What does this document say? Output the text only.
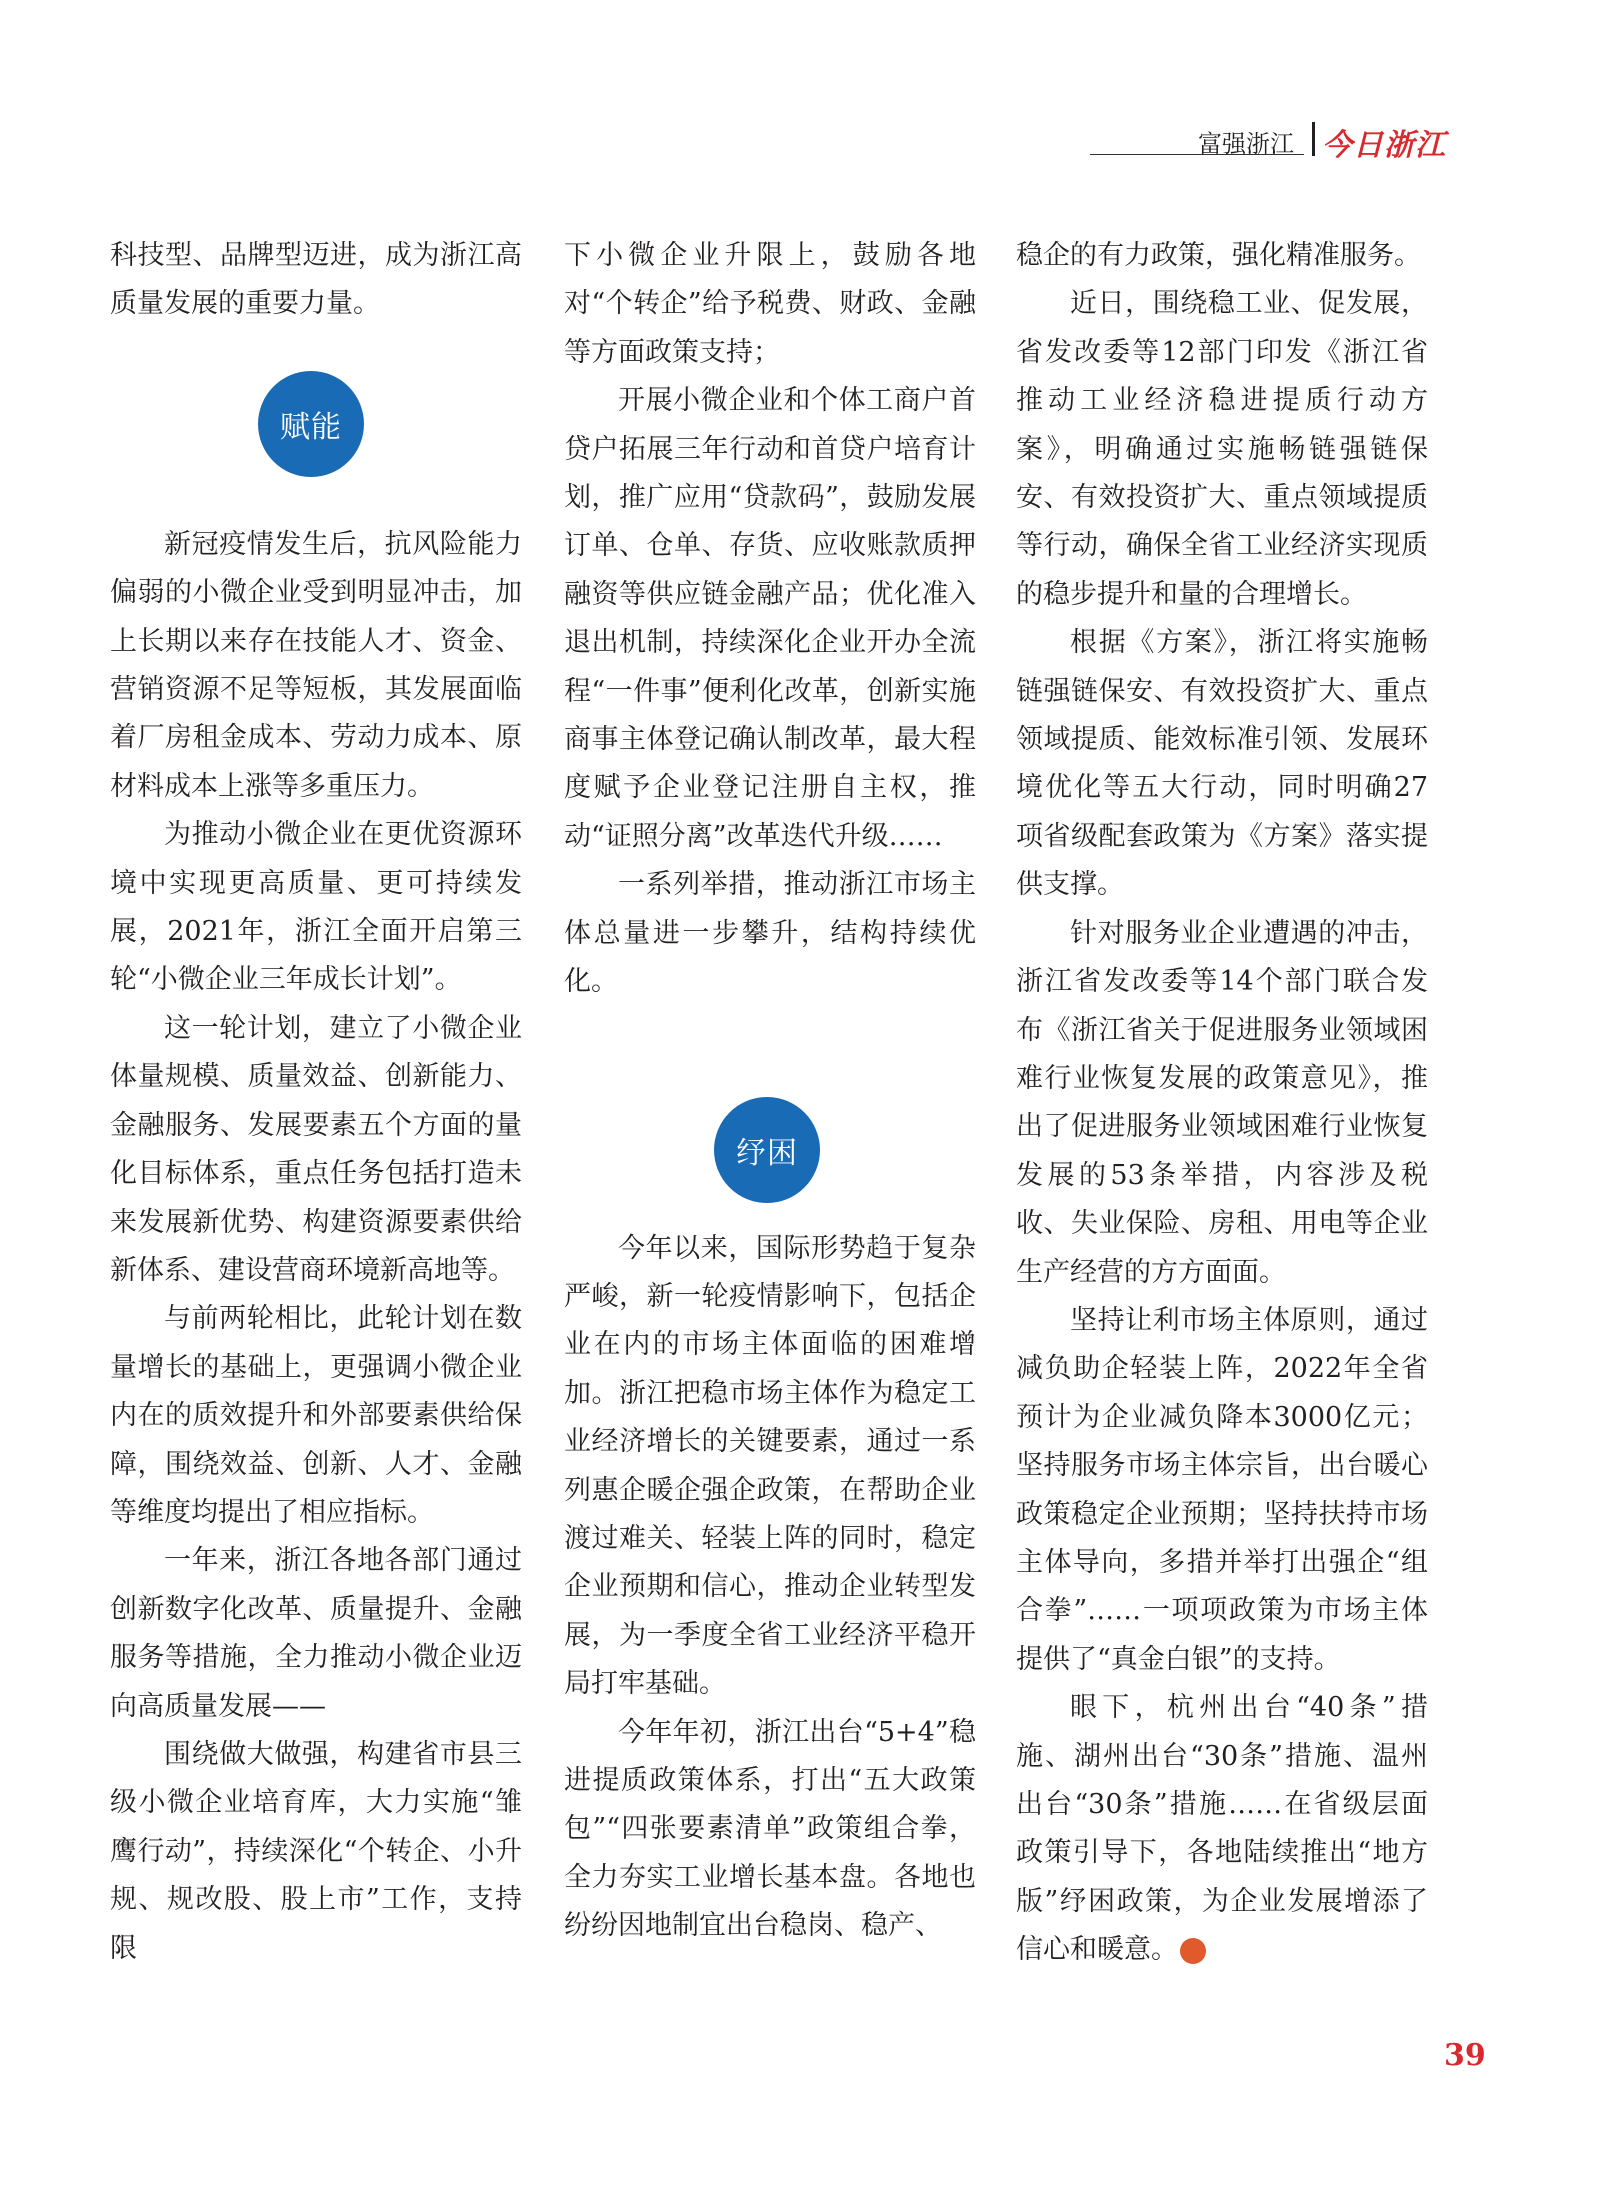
富强浙江 今日浙江

科技型、品牌型迈进，成为浙江高质量发展的重要力量。

新冠疫情发生后，抗风险能力偏弱的小微企业受到明显冲击，加上长期以来存在技能人才、资金、营销资源不足等短板，其发展面临着厂房租金成本、劳动力成本、原材料成本上涨等多重压力。

为推动小微企业在更优资源环境中实现更高质量、更可持续发展，2021年，浙江全面开启第三轮“小微企业三年成长计划”。

这一轮计划，建立了小微企业体量规模、质量效益、创新能力、金融服务、发展要素五个方面的量化目标体系，重点任务包括打造未来发展新优势、构建资源要素供给新体系、建设营商环境新高地等。

与前两轮相比，此轮计划在数量增长的基础上，更强调小微企业内在的质效提升和外部要素供给保障，围绕效益、创新、人才、金融等维度均提出了相应指标。

一年来，浙江各地各部门通过创新数字化改革、质量提升、金融服务等措施，全力推动小微企业迈向高质量发展——

围绕做大做强，构建省市县三级小微企业培育库，大力实施“雏鹰行动”，持续深化“个转企、小升规、规改股、股上市”工作，支持限

下小微企业升限上，鼓励各地对“个转企”给予税费、财政、金融等方面政策支持；

开展小微企业和个体工商户首贷户拓展三年行动和首贷户培育计划，推广应用“贷款码”，鼓励发展订单、仓单、存货、应收账款质押融资等供应链金融产品；优化准入退出机制，持续深化企业开办全流程“一件事”便利化改革，创新实施商事主体登记确认制改革，最大程度赋予企业登记注册自主权，推动“证照分离”改革迭代升级……

一系列举措，推动浙江市场主体总量进一步攀升，结构持续优化。

今年以来，国际形势趋于复杂严峻，新一轮疫情影响下，包括企业在内的市场主体面临的困难增加。浙江把稳市场主体作为稳定工业经济增长的关键要素，通过一系列惠企暖企强企政策，在帮助企业渡过难关、轻装上阵的同时，稳定企业预期和信心，推动企业转型发展，为一季度全省工业经济平稳开局打牢基础。

今年年初，浙江出台“5+4”稳进提质政策体系，打出“五大政策包”“四张要素清单”政策组合拳，全力夯实工业增长基本盘。各地也纷纷因地制宜出台稳岗、稳产、

稳企的有力政策，强化精准服务。

近日，围绕稳工业、促发展，省发改委等12部门印发《浙江省推动工业经济稳进提质行动方案》，明确通过实施畅链强链保安、有效投资扩大、重点领域提质等行动，确保全省工业经济实现质的稳步提升和量的合理增长。

根据《方案》，浙江将实施畅链强链保安、有效投资扩大、重点领域提质、能效标准引领、发展环境优化等五大行动，同时明确27项省级配套政策为《方案》落实提供支撑。

针对服务业企业遭遇的冲击，浙江省发改委等14个部门联合发布《浙江省关于促进服务业领域困难行业恢复发展的政策意见》，推出了促进服务业领域困难行业恢复发展的53条举措，内容涉及税收、失业保险、房租、用电等企业生产经营的方方面面。

坚持让利市场主体原则，通过减负助企轻装上阵，2022年全省预计为企业减负降本3000亿元；坚持服务市场主体宗旨，出台暖心政策稳定企业预期；坚持扶持市场主体导向，多措并举打出强企“组合拳”……一项项政策为市场主体提供了“真金白银”的支持。

眼下，杭州出台“40条”措施、湖州出台“30条”措施、温州出台“30条”措施……在省级层面政策引导下，各地陆续推出“地方版”纾困政策，为企业发展增添了信心和暖意。	今

赋能
纾困
39
